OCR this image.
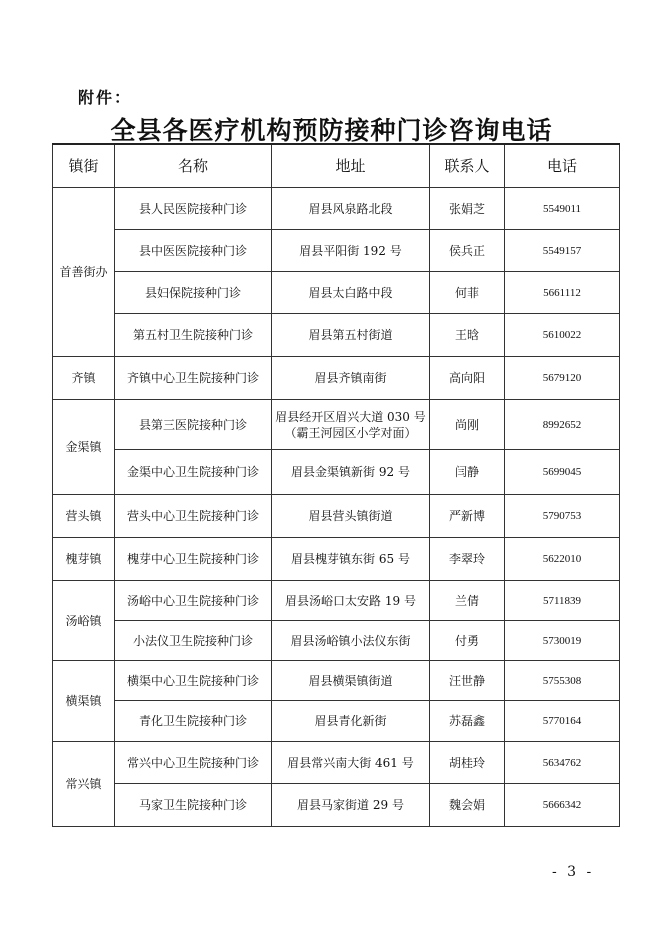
附件：
全县各医疗机构预防接种门诊咨询电话
镇街	名称	地址	联系人	电话
首善街办	县人民医院接种门诊	眉县风泉路北段	张娟芝	5549011
	县中医医院接种门诊	眉县平阳街 192 号	侯兵正	5549157
	县妇保院接种门诊	眉县太白路中段	何菲	5661112
	第五村卫生院接种门诊	眉县第五村街道	王晗	5610022
齐镇	齐镇中心卫生院接种门诊	眉县齐镇南街	高向阳	5679120
金渠镇	县第三医院接种门诊	眉县经开区眉兴大道 030 号
（霸王河园区小学对面）	尚刚	8992652
	金渠中心卫生院接种门诊	眉县金渠镇新街 92 号	闫静	5699045
营头镇	营头中心卫生院接种门诊	眉县营头镇街道	严新博	5790753
槐芽镇	槐芽中心卫生院接种门诊	眉县槐芽镇东街 65 号	李翠玲	5622010
汤峪镇	汤峪中心卫生院接种门诊	眉县汤峪口太安路 19 号	兰倩	5711839
	小法仪卫生院接种门诊	眉县汤峪镇小法仪东街	付勇	5730019
横渠镇	横渠中心卫生院接种门诊	眉县横渠镇街道	汪世静	5755308
	青化卫生院接种门诊	眉县青化新街	苏磊鑫	5770164
常兴镇	常兴中心卫生院接种门诊	眉县常兴南大街 461 号	胡桂玲	5634762
	马家卫生院接种门诊	眉县马家街道 29 号	魏会娟	5666342
- 3 -
